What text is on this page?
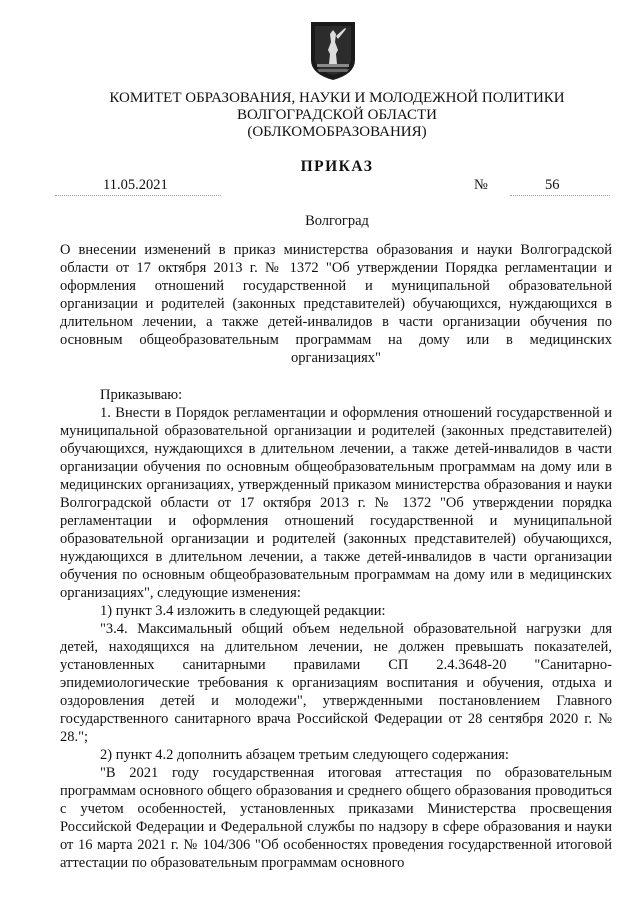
КОМИТЕТ ОБРАЗОВАНИЯ, НАУКИ И МОЛОДЕЖНОЙ ПОЛИТИКИ
ВОЛГОГРАДСКОЙ ОБЛАСТИ
(ОБЛКОМОБРАЗОВАНИЯ)
ПРИКАЗ
11.05.2021	№	56
Волгоград
О внесении изменений в приказ министерства образования и науки Волгоградской области от 17 октября 2013 г. № 1372 "Об утверждении Порядка регламентации и оформления отношений государственной и муниципальной образовательной организации и родителей (законных представителей) обучающихся, нуждающихся в длительном лечении, а также детей-инвалидов в части организации обучения по основным общеобразовательным программам на дому или в медицинских организациях"

Приказываю:

1. Внести в Порядок регламентации и оформления отношений государственной и муниципальной образовательной организации и родителей (законных представителей) обучающихся, нуждающихся в длительном лечении, а также детей-инвалидов в части организации обучения по основным общеобразовательным программам на дому или в медицинских организациях, утвержденный приказом министерства образования и науки Волгоградской области от 17 октября 2013 г. № 1372 "Об утверждении порядка регламентации и оформления отношений государственной и муниципальной образовательной организации и родителей (законных представителей) обучающихся, нуждающихся в длительном лечении, а также детей-инвалидов в части организации обучения по основным общеобразовательным программам на дому или в медицинских организациях", следующие изменения:

1) пункт 3.4 изложить в следующей редакции:

"3.4. Максимальный общий объем недельной образовательной нагрузки для детей, находящихся на длительном лечении, не должен превышать показателей, установленных санитарными правилами СП 2.4.3648-20 "Санитарно-эпидемиологические требования к организациям воспитания и обучения, отдыха и оздоровления детей и молодежи", утвержденными постановлением Главного государственного санитарного врача Российской Федерации от 28 сентября 2020 г. № 28.";

2) пункт 4.2 дополнить абзацем третьим следующего содержания:

"В 2021 году государственная итоговая аттестация по образовательным программам основного общего образования и среднего общего образования проводиться с учетом особенностей, установленных приказами Министерства просвещения Российской Федерации и Федеральной службы по надзору в сфере образования и науки от 16 марта 2021 г. № 104/306 "Об особенностях проведения государственной итоговой аттестации по образовательным программам основного
